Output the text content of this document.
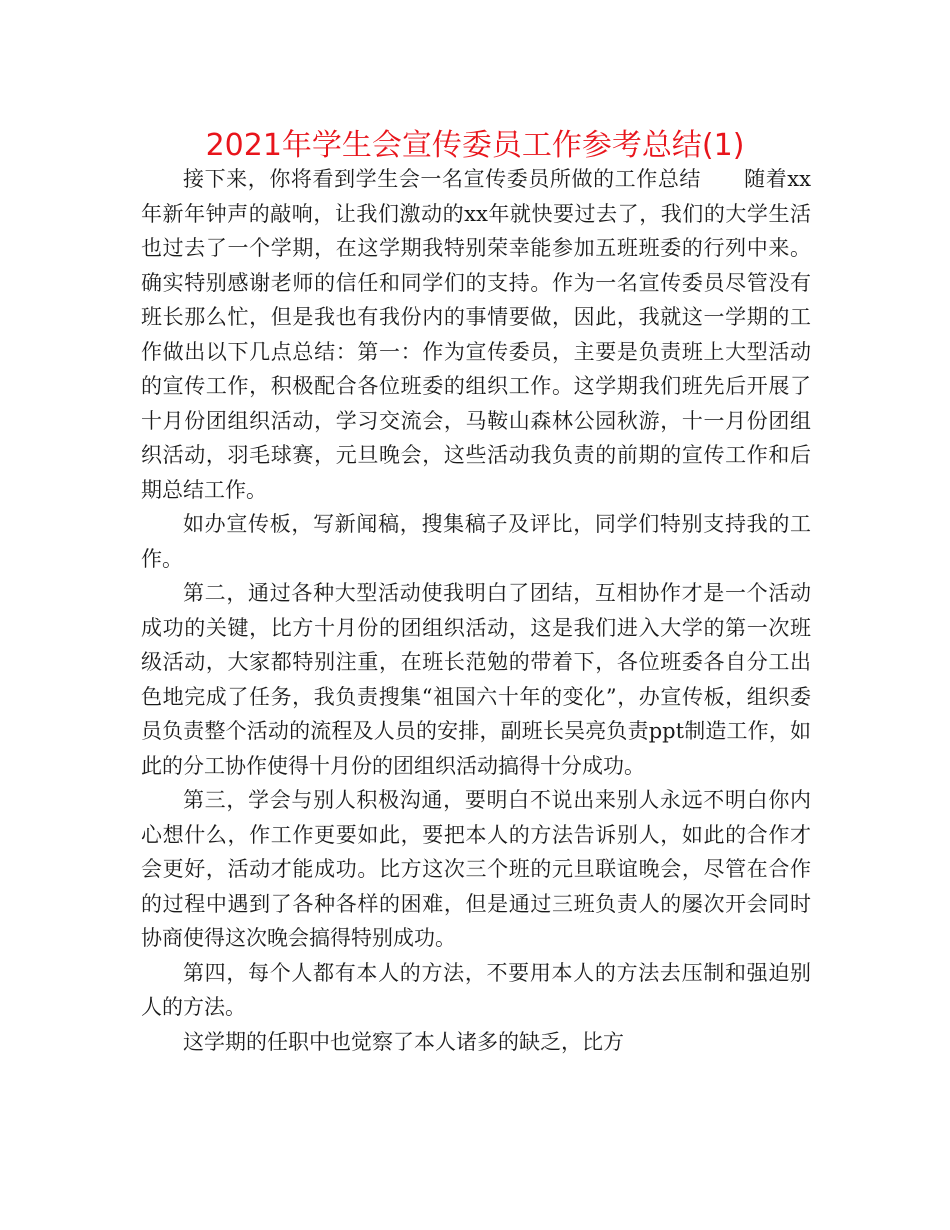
2021年学生会宣传委员工作参考总结(1)

接下来，你将看到学生会一名宣传委员所做的工作总结　　随着xx年新年钟声的敲响，让我们激动的xx年就快要过去了，我们的大学生活也过去了一个学期，在这学期我特别荣幸能参加五班班委的行列中来。确实特别感谢老师的信任和同学们的支持。作为一名宣传委员尽管没有班长那么忙，但是我也有我份内的事情要做，因此，我就这一学期的工作做出以下几点总结：第一：作为宣传委员，主要是负责班上大型活动的宣传工作，积极配合各位班委的组织工作。这学期我们班先后开展了十月份团组织活动，学习交流会，马鞍山森林公园秋游，十一月份团组织活动，羽毛球赛，元旦晚会，这些活动我负责的前期的宣传工作和后期总结工作。

如办宣传板，写新闻稿，搜集稿子及评比，同学们特别支持我的工作。

第二，通过各种大型活动使我明白了团结，互相协作才是一个活动成功的关键，比方十月份的团组织活动，这是我们进入大学的第一次班级活动，大家都特别注重，在班长范勉的带着下，各位班委各自分工出色地完成了任务，我负责搜集“祖国六十年的变化”，办宣传板，组织委员负责整个活动的流程及人员的安排，副班长吴亮负责ppt制造工作，如此的分工协作使得十月份的团组织活动搞得十分成功。

第三，学会与别人积极沟通，要明白不说出来别人永远不明白你内心想什么，作工作更要如此，要把本人的方法告诉别人，如此的合作才会更好，活动才能成功。比方这次三个班的元旦联谊晚会，尽管在合作的过程中遇到了各种各样的困难，但是通过三班负责人的屡次开会同时协商使得这次晚会搞得特别成功。

第四，每个人都有本人的方法，不要用本人的方法去压制和强迫别人的方法。

这学期的任职中也觉察了本人诸多的缺乏，比方
